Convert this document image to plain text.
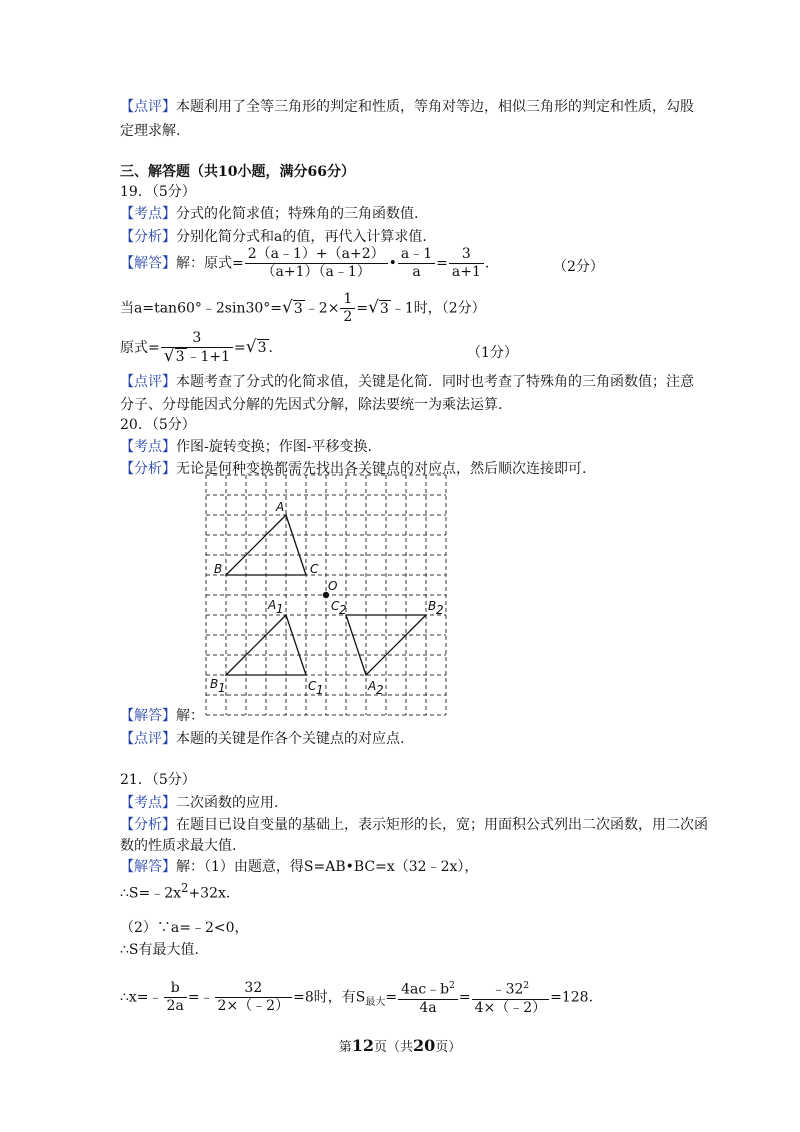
【点评】本题利用了全等三角形的判定和性质，等角对等边，相似三角形的判定和性质，勾股
定理求解.
三、解答题（共10小题，满分66分）
19．（5分）
【考点】分式的化简求值；特殊角的三角函数值.
【分析】分别化简分式和a的值，再代入计算求值.
【解答】解：原式= $\frac{2(a﹣1)+(a+2)}{(a+1)(a﹣1)}$ • $\frac{a﹣1}{a} = \frac{3}{a+1}$ .	（2分）
当a=tan60°﹣2sin30°=√3 ﹣2× $\frac{1}{2} =√3$ ﹣1时，（2分）
原式= $\frac{3}{√3 ﹣1+1} =√3$ .	（1分）
【点评】本题考查了分式的化简求值，关键是化简．同时也考查了特殊角的三角函数值；注意
分子、分母能因式分解的先因式分解，除法要统一为乘法运算.
20．（5分）
【考点】作图-旋转变换；作图-平移变换.
【分析】无论是何种变换都需先找出各关键点的对应点，然后顺次连接即可.
A
B	C
O
A 1
B 1	C 1
C 2	B 2
A 2
【解答】解：
【点评】本题的关键是作各个关键点的对应点.
21．（5分）
【考点】二次函数的应用.
【分析】在题目已设自变量的基础上，表示矩形的长，宽；用面积公式列出二次函数，用二次函
数的性质求最大值.
【解答】解：（1）由题意，得S=AB•BC=x（32﹣2x），
$\therefore S=﹣2x^2+32x$.
（2）∵a=﹣2<0，
∴S有最大值.
∴x=﹣ $\frac{b}{2a}$ =﹣ $\frac{32}{2\times(﹣2)} =8$时，有$S_{最大}= \frac{4ac﹣b^2}{4a} = \frac{﹣32^2}{4\times(﹣2)} =128$.
第12页（共20页）
